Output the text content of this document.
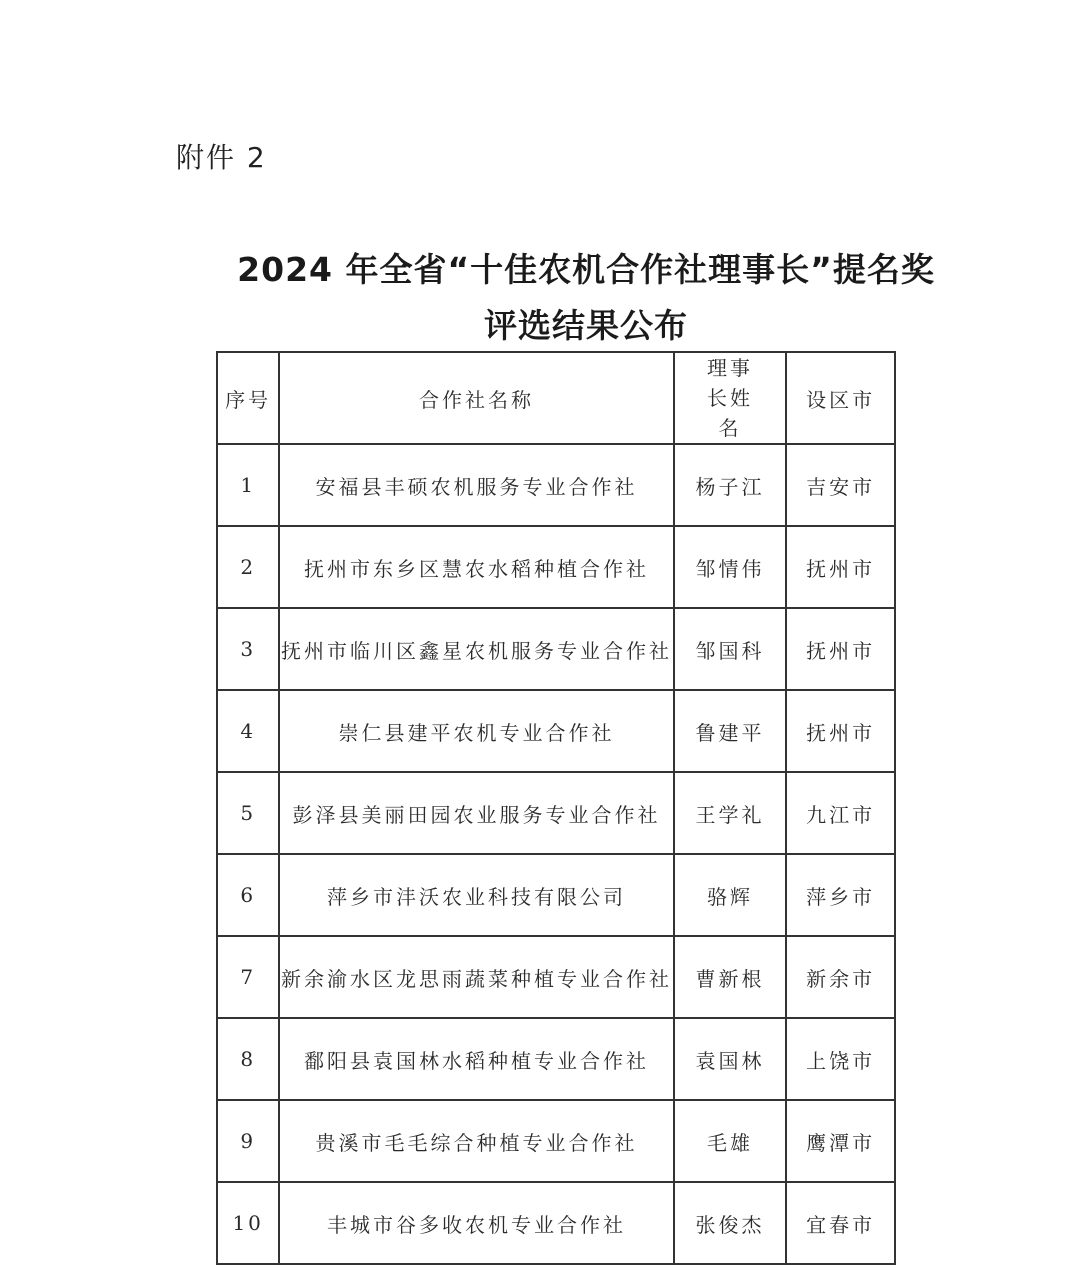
附件 2
2024 年全省“十佳农机合作社理事长”提名奖
评选结果公布
序号	合作社名称	理事长姓名	设区市
1	安福县丰硕农机服务专业合作社	杨子江	吉安市
2	抚州市东乡区慧农水稻种植合作社	邹情伟	抚州市
3	抚州市临川区鑫星农机服务专业合作社	邹国科	抚州市
4	崇仁县建平农机专业合作社	鲁建平	抚州市
5	彭泽县美丽田园农业服务专业合作社	王学礼	九江市
6	萍乡市沣沃农业科技有限公司	骆辉	萍乡市
7	新余渝水区龙思雨蔬菜种植专业合作社	曹新根	新余市
8	鄱阳县袁国林水稻种植专业合作社	袁国林	上饶市
9	贵溪市毛毛综合种植专业合作社	毛雄	鹰潭市
10	丰城市谷多收农机专业合作社	张俊杰	宜春市
